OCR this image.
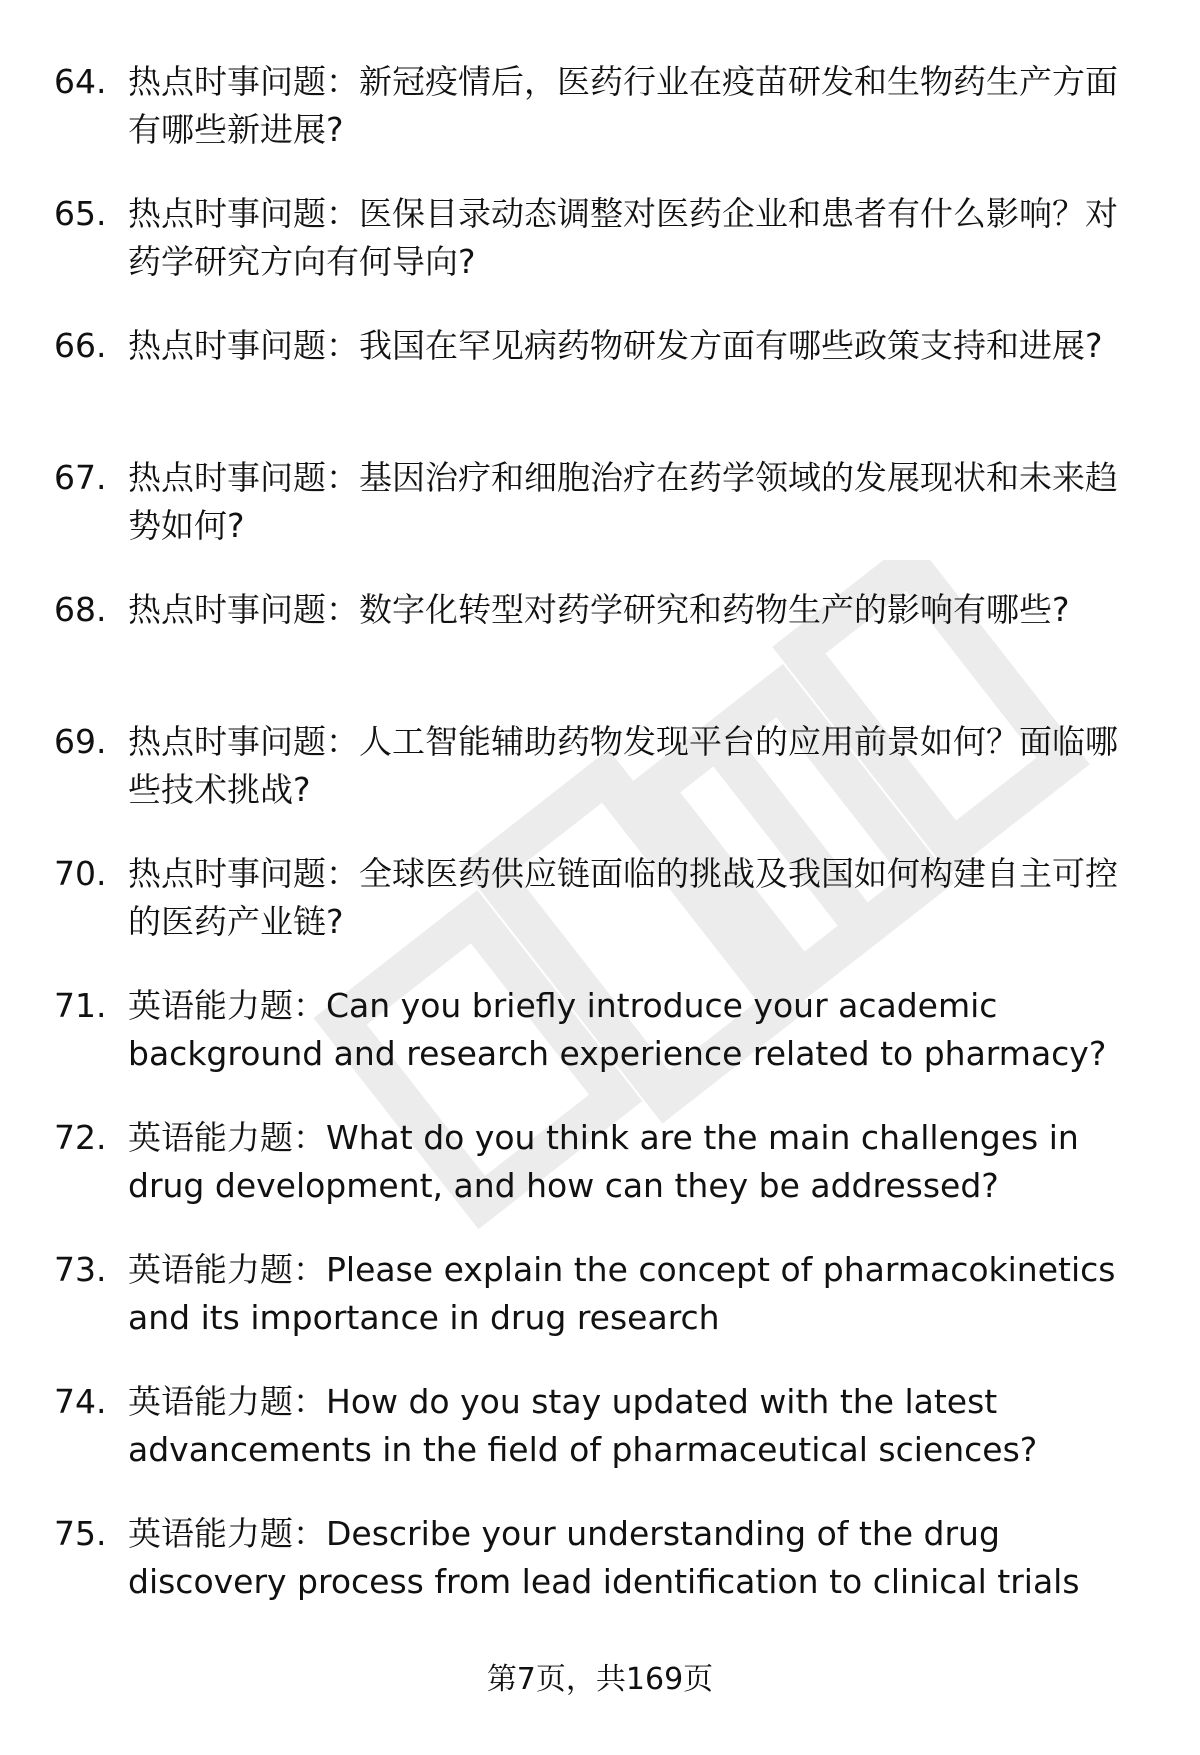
64. 热点时事问题：新冠疫情后，医药行业在疫苗研发和生物药生产方面有哪些新进展?
65. 热点时事问题：医保目录动态调整对医药企业和患者有什么影响？对药学研究方向有何导向?
66. 热点时事问题：我国在罕见病药物研发方面有哪些政策支持和进展?
67. 热点时事问题：基因治疗和细胞治疗在药学领域的发展现状和未来趋势如何?
68. 热点时事问题：数字化转型对药学研究和药物生产的影响有哪些?
69. 热点时事问题：人工智能辅助药物发现平台的应用前景如何？面临哪些技术挑战?
70. 热点时事问题：全球医药供应链面临的挑战及我国如何构建自主可控的医药产业链?
71. 英语能力题：Can you briefly introduce your academic background and research experience related to pharmacy?
72. 英语能力题：What do you think are the main challenges in drug development, and how can they be addressed?
73. 英语能力题：Please explain the concept of pharmacokinetics and its importance in drug research
74. 英语能力题：How do you stay updated with the latest advancements in the field of pharmaceutical sciences?
75. 英语能力题：Describe your understanding of the drug discovery process from lead identification to clinical trials
第7页，共169页
